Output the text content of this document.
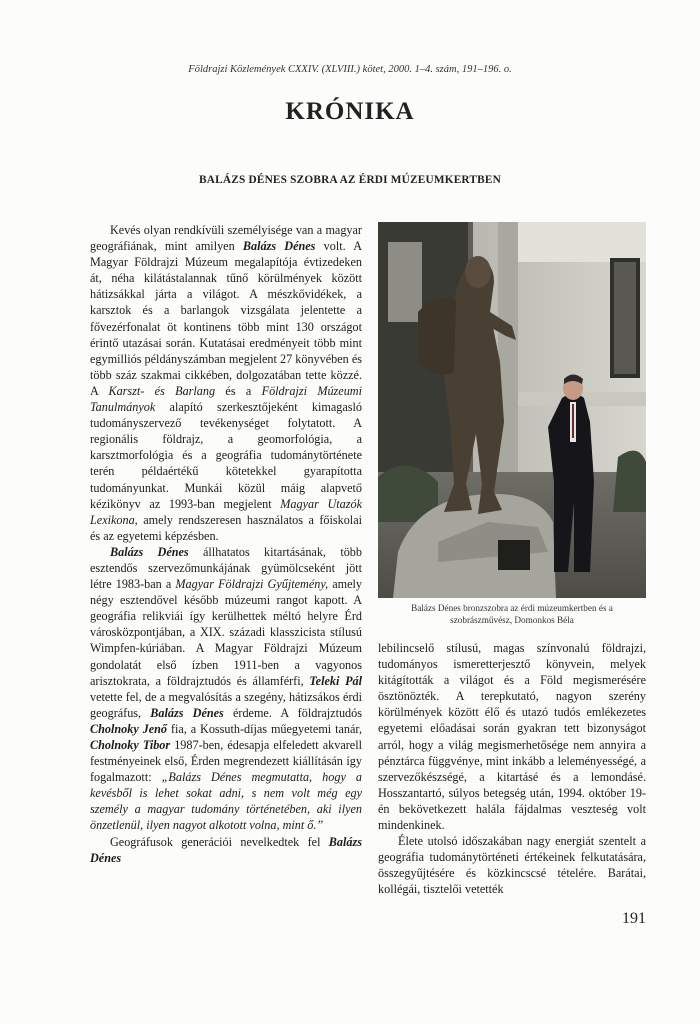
Földrajzi Közlemények CXXIV. (XLVIII.) kötet, 2000. 1–4. szám, 191–196. o.
KRÓNIKA
BALÁZS DÉNES SZOBRA AZ ÉRDI MÚZEUMKERTBEN

Kevés olyan rendkívüli személyisége van a magyar geográfiának, mint amilyen Balázs Dénes volt. A Magyar Földrajzi Múzeum megalapítója évtizedeken át, néha kilátástalannak tűnő körülmények között hátizsákkal járta a világot. A mészkővidékek, a karsztok és a barlangok vizsgálata jelentette a fővezérfonalat öt kontinens több mint 130 országot érintő utazásai során. Kutatásai eredményeit több mint egymilliós példányszámban megjelent 27 könyvében és több száz szakmai cikkében, dolgozatában tette közzé. A Karszt- és Barlang és a Földrajzi Múzeumi Tanulmányok alapító szerkesztőjeként kimagasló tudományszervező tevékenységet folytatott. A regionális földrajz, a geomorfológia, a karsztmorfológia és a geográfia tudománytörténete terén példaértékű kötetekkel gyarapította tudományunkat. Munkái közül máig alapvető kézikönyv az 1993-ban megjelent Magyar Utazók Lexikona, amely rendszeresen használatos a főiskolai és az egyetemi képzésben.

Balázs Dénes állhatatos kitartásának, több esztendős szervezőmunkájának gyümölcseként jött létre 1983-ban a Magyar Földrajzi Gyűjtemény, amely négy esztendővel később múzeumi rangot kapott. A geográfia relikviái így kerülhettek méltó helyre Érd városközpontjában, a XIX. századi klasszicista stílusú Wimpfen-kúriában. A Magyar Földrajzi Múzeum gondolatát első ízben 1911-ben a vagyonos arisztokrata, a földrajztudós és államférfi, Teleki Pál vetette fel, de a megvalósítás a szegény, hátizsákos érdi geográfus, Balázs Dénes érdeme. A földrajztudós Cholnoky Jenő fia, a Kossuth-díjas műegyetemi tanár, Cholnoky Tibor 1987-ben, édesapja elfeledett akvarell festményeinek első, Érden megrendezett kiállításán így fogalmazott: „Balázs Dénes megmutatta, hogy a kevésből is lehet sokat adni, s nem volt még egy személy a magyar tudomány történetében, aki ilyen önzetlenül, ilyen nagyot alkotott volna, mint ő.”

Geográfusok generációi nevelkedtek fel Balázs Dénes

Balázs Dénes bronzszobra az érdi múzeumkertben és a
szobrászművész, Domonkos Béla

lebilincselő stílusú, magas színvonalú földrajzi, tudományos ismeretterjesztő könyvein, melyek kitágították a világot és a Föld megismerésére ösztönözték. A terepkutató, nagyon szerény körülmények között élő és utazó tudós emlékezetes egyetemi előadásai során gyakran tett bizonyságot arról, hogy a világ megismerhetősége nem annyira a pénztárca függvénye, mint inkább a leleményességé, a szervezőkészségé, a kitartásé és a lemondásé. Hosszantartó, súlyos betegség után, 1994. október 19-én bekövetkezett halála fájdalmas veszteség volt mindenkinek.

Élete utolsó időszakában nagy energiát szentelt a geográfia tudománytörténeti értékeinek felkutatására, összegyűjtésére és közkincscsé tételére. Barátai, kollégái, tisztelői vetették

191
